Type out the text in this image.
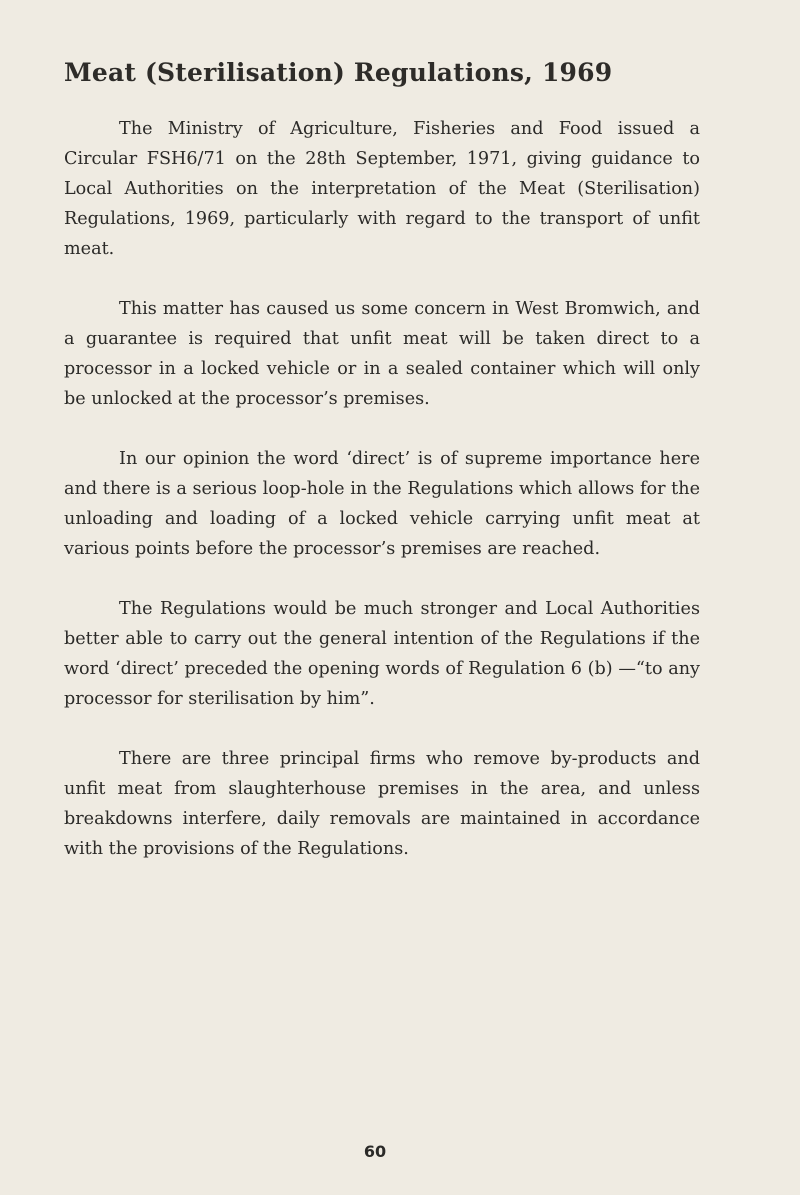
Meat (Sterilisation) Regulations, 1969

The Ministry of Agriculture, Fisheries and Food issued a Circular FSH6/71 on the 28th September, 1971, giving guidance to Local Authorities on the interpretation of the Meat (Sterilisation) Regulations, 1969, particularly with regard to the transport of unfit meat.

This matter has caused us some concern in West Bromwich, and a guarantee is required that unfit meat will be taken direct to a processor in a locked vehicle or in a sealed container which will only be unlocked at the processor’s premises.

In our opinion the word ‘direct’ is of supreme importance here and there is a serious loop-hole in the Regulations which allows for the unloading and loading of a locked vehicle carrying unfit meat at various points before the processor’s premises are reached.

The Regulations would be much stronger and Local Authorities better able to carry out the general intention of the Regulations if the word ‘direct’ preceded the opening words of Regulation 6 (b) —“to any processor for sterilisation by him”.

There are three principal firms who remove by-products and unfit meat from slaughterhouse premises in the area, and unless breakdowns interfere, daily removals are maintained in accordance with the provisions of the Regulations.

60
